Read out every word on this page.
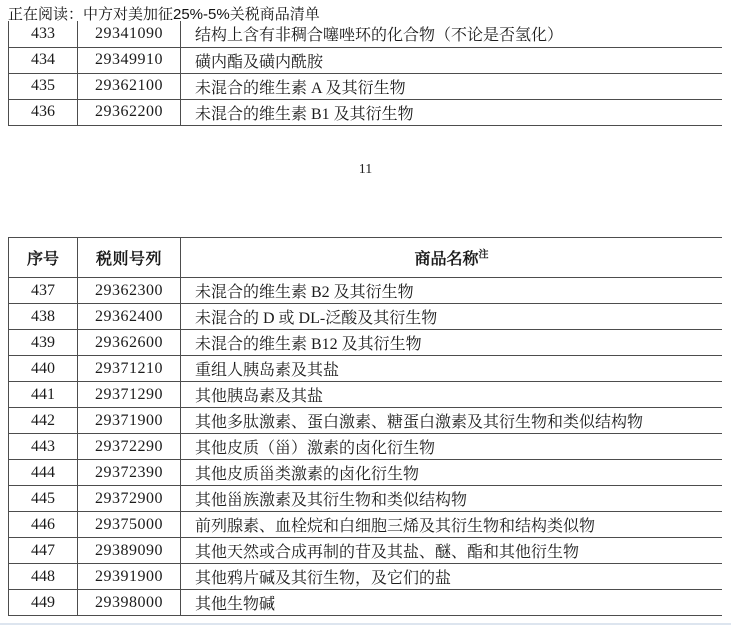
正在阅读：中方对美加征25%-5%关税商品清单
433	29341090	结构上含有非稠合噻唑环的化合物（不论是否氢化）
434	29349910	磺内酯及磺内酰胺
435	29362100	未混合的维生素 A 及其衍生物
436	29362200	未混合的维生素 B1 及其衍生物
11
序号	税则号列	商品名称$^注$
437	29362300	未混合的维生素 B2 及其衍生物
438	29362400	未混合的 D 或 DL-泛酸及其衍生物
439	29362600	未混合的维生素 B12 及其衍生物
440	29371210	重组人胰岛素及其盐
441	29371290	其他胰岛素及其盐
442	29371900	其他多肽激素、蛋白激素、糖蛋白激素及其衍生物和类似结构物
443	29372290	其他皮质（甾）激素的卤化衍生物
444	29372390	其他皮质甾类激素的卤化衍生物
445	29372900	其他甾族激素及其衍生物和类似结构物
446	29375000	前列腺素、血栓烷和白细胞三烯及其衍生物和结构类似物
447	29389090	其他天然或合成再制的苷及其盐、醚、酯和其他衍生物
448	29391900	其他鸦片碱及其衍生物，及它们的盐
449	29398000	其他生物碱
